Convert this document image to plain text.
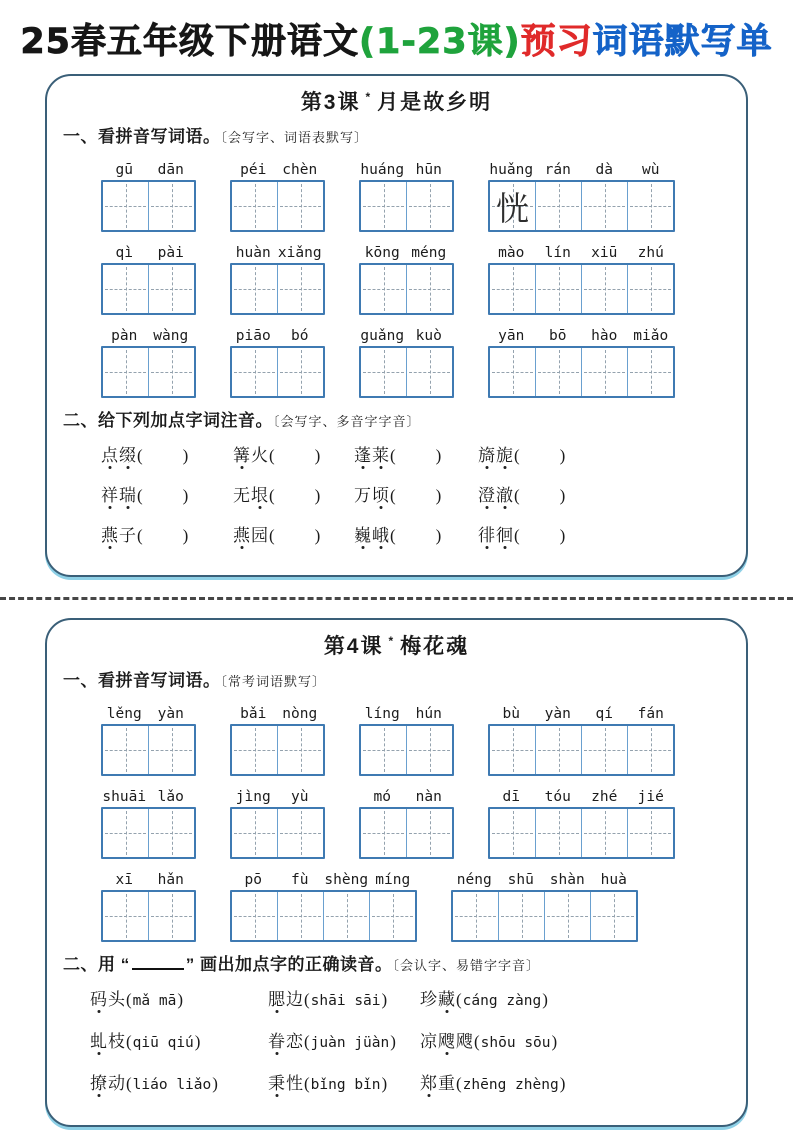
25春五年级下册语文(1-23课)预习词语默写单
第3课 * 月是故乡明
一、看拼音写词语。〔会写字、词语表默写〕
gū	dān	péi	chèn	huáng hūn	huǎng rán	dà	wù
恍
qì	pài	huàn xiǎng	kōng méng	mào	lín	xiū	zhú
pàn	wàng	piāo	bó	guǎng kuò	yān	bō	hào	miǎo
二、给下列加点字词注音。〔会写字、多音字字音〕
点缀( )	篝火( )	蓬莱( )	旖旎( )
祥瑞( )	无垠( )	万顷( )	澄澈( )
燕子( )	燕园( )	巍峨( )	徘徊( )
第4课 * 梅花魂
一、看拼音写词语。〔常考词语默写〕
lěng	yàn	bǎi	nòng	líng	hún	bù	yàn	qí	fán
shuāi lǎo	jìng	yù	mó	nàn	dī	tóu	zhé	jié
xī	hǎn	pō	fù	shèng míng	néng	shū	shàn	huà
二、用 “	” 画出加点字的正确读音。〔会认字、易错字字音〕
码头(mǎ mā)	腮边(shāi sāi)	珍藏(cáng zàng)
虬枝(qiū qiú)	眷恋(juàn jüàn)	凉飕飕(shōu sōu)
撩动(liáo liǎo)	秉性(bǐng bǐn)	郑重(zhēng zhèng)
